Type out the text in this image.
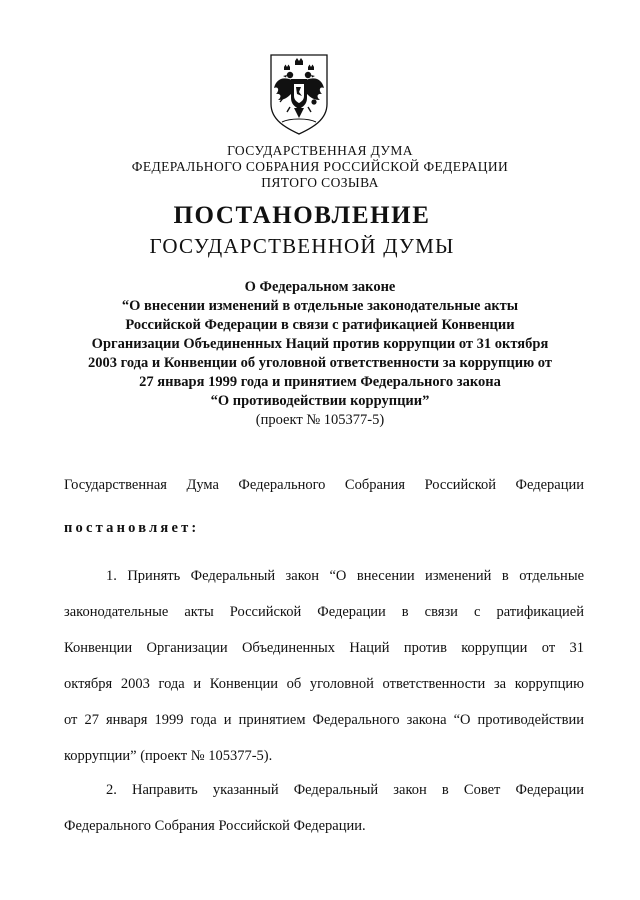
ГОСУДАРСТВЕННАЯ ДУМА
ФЕДЕРАЛЬНОГО СОБРАНИЯ РОССИЙСКОЙ ФЕДЕРАЦИИ
ПЯТОГО СОЗЫВА
ПОСТАНОВЛЕНИЕ
ГОСУДАРСТВЕННОЙ ДУМЫ
О Федеральном законе
“О внесении изменений в отдельные законодательные акты
Российской Федерации в связи с ратификацией Конвенции
Организации Объединенных Наций против коррупции от 31 октября
2003 года и Конвенции об уголовной ответственности за коррупцию от
27 января 1999 года и принятием Федерального закона
“О противодействии коррупции”
(проект № 105377-5)
Государственная Дума Федерального Собрания Российской Федерации
постановляет:
1. Принять Федеральный закон “О внесении изменений в отдельные
законодательные акты Российской Федерации в связи с ратификацией
Конвенции Организации Объединенных Наций против коррупции от 31
октября 2003 года и Конвенции об уголовной ответственности за коррупцию
от 27 января 1999 года и принятием Федерального закона “О противодействии
коррупции” (проект № 105377-5).
2. Направить указанный Федеральный закон в Совет Федерации
Федерального Собрания Российской Федерации.
